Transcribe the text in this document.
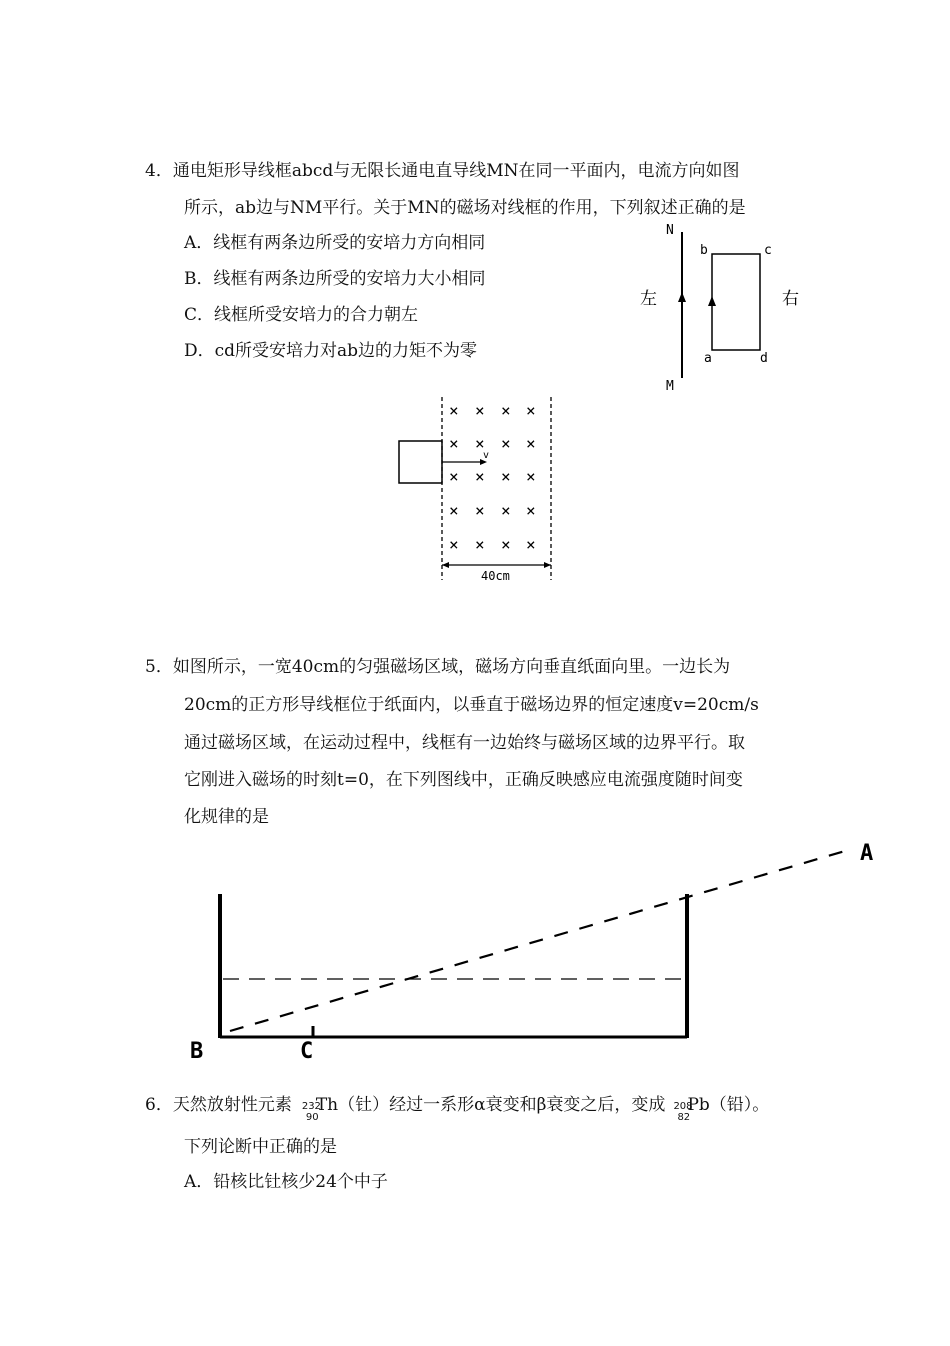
4．通电矩形导线框abcd与无限长通电直导线MN在同一平面内，电流方向如图
所示，ab边与NM平行。关于MN的磁场对线框的作用，下列叙述正确的是
A．线框有两条边所受的安培力方向相同
B．线框有两条边所受的安培力大小相同
C．线框所受安培力的合力朝左
D．cd所受安培力对ab边的力矩不为零
N
M
左	右
b	c
a	d
v
× × × ×
× × × ×
× × × ×
× × × ×
× × × ×
40cm
5．如图所示，一宽40cm的匀强磁场区域，磁场方向垂直纸面向里。一边长为
20cm的正方形导线框位于纸面内，以垂直于磁场边界的恒定速度v=20cm/s
通过磁场区域，在运动过程中，线框有一边始终与磁场区域的边界平行。取
它刚进入磁场的时刻t=0，在下列图线中，正确反映感应电流强度随时间变
化规律的是
B	C
A
6．天然放射性元素 232
90
Th（钍）经过一系形α衰变和β衰变之后，变成 208
82
Pb（铅）。
下列论断中正确的是
A．铅核比钍核少24个中子
